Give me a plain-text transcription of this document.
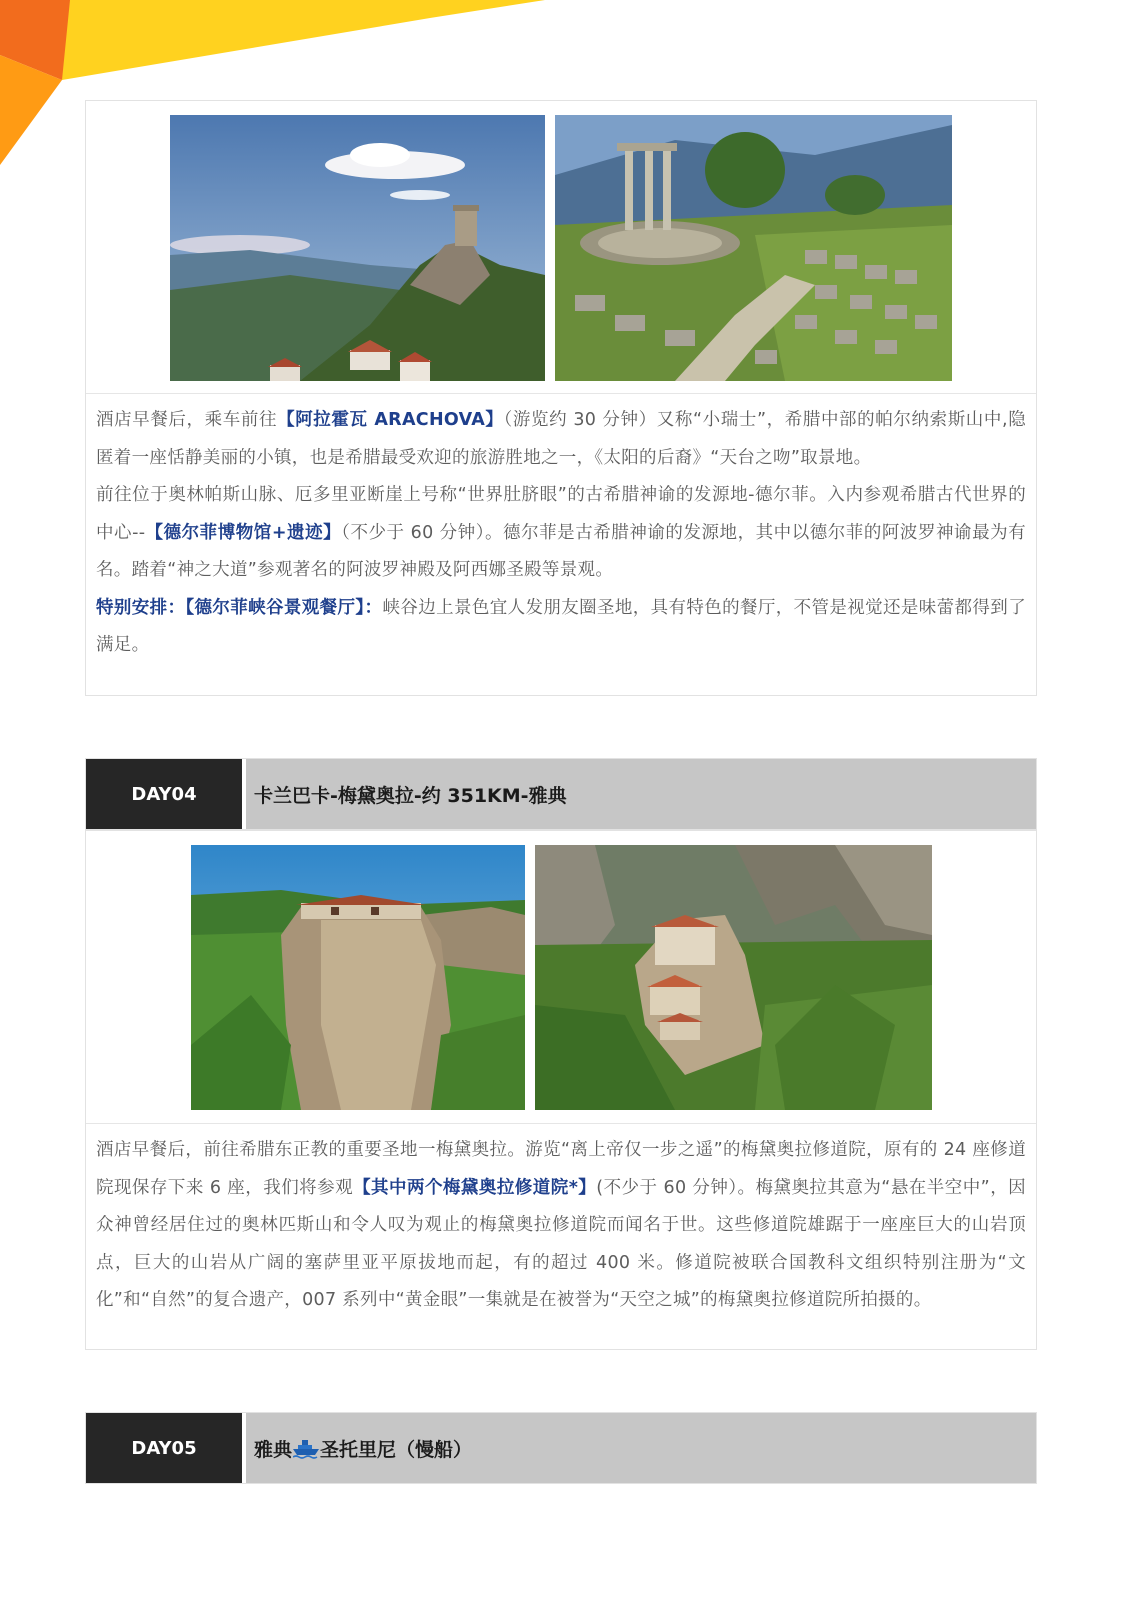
酒店早餐后，乘车前往【阿拉霍瓦 ARACHOVA】（游览约 30 分钟）又称“小瑞士”，希腊中部的帕尔纳索斯山中,隐匿着一座恬静美丽的小镇，也是希腊最受欢迎的旅游胜地之一，《太阳的后裔》“天台之吻”取景地。

前往位于奥林帕斯山脉、厄多里亚断崖上号称“世界肚脐眼”的古希腊神谕的发源地-德尔菲。入内参观希腊古代世界的中心--【德尔菲博物馆+遗迹】（不少于 60 分钟）。德尔菲是古希腊神谕的发源地，其中以德尔菲的阿波罗神谕最为有名。踏着“神之大道”参观著名的阿波罗神殿及阿西娜圣殿等景观。

特别安排：【德尔菲峡谷景观餐厅】：峡谷边上景色宜人发朋友圈圣地，具有特色的餐厅，不管是视觉还是味蕾都得到了满足。

DAY04	卡兰巴卡-梅黛奥拉-约 351KM-雅典

酒店早餐后，前往希腊东正教的重要圣地一梅黛奥拉。游览“离上帝仅一步之遥”的梅黛奥拉修道院，原有的 24 座修道院现保存下来 6 座，我们将参观【其中两个梅黛奥拉修道院*】(不少于 60 分钟）。梅黛奥拉其意为“悬在半空中”，因众神曾经居住过的奥林匹斯山和令人叹为观止的梅黛奥拉修道院而闻名于世。这些修道院雄踞于一座座巨大的山岩顶点，巨大的山岩从广阔的塞萨里亚平原拔地而起，有的超过 400 米。修道院被联合国教科文组织特别注册为“文化”和“自然”的复合遗产，007 系列中“黄金眼”一集就是在被誉为“天空之城”的梅黛奥拉修道院所拍摄的。

DAY05	雅典 圣托里尼（慢船）
